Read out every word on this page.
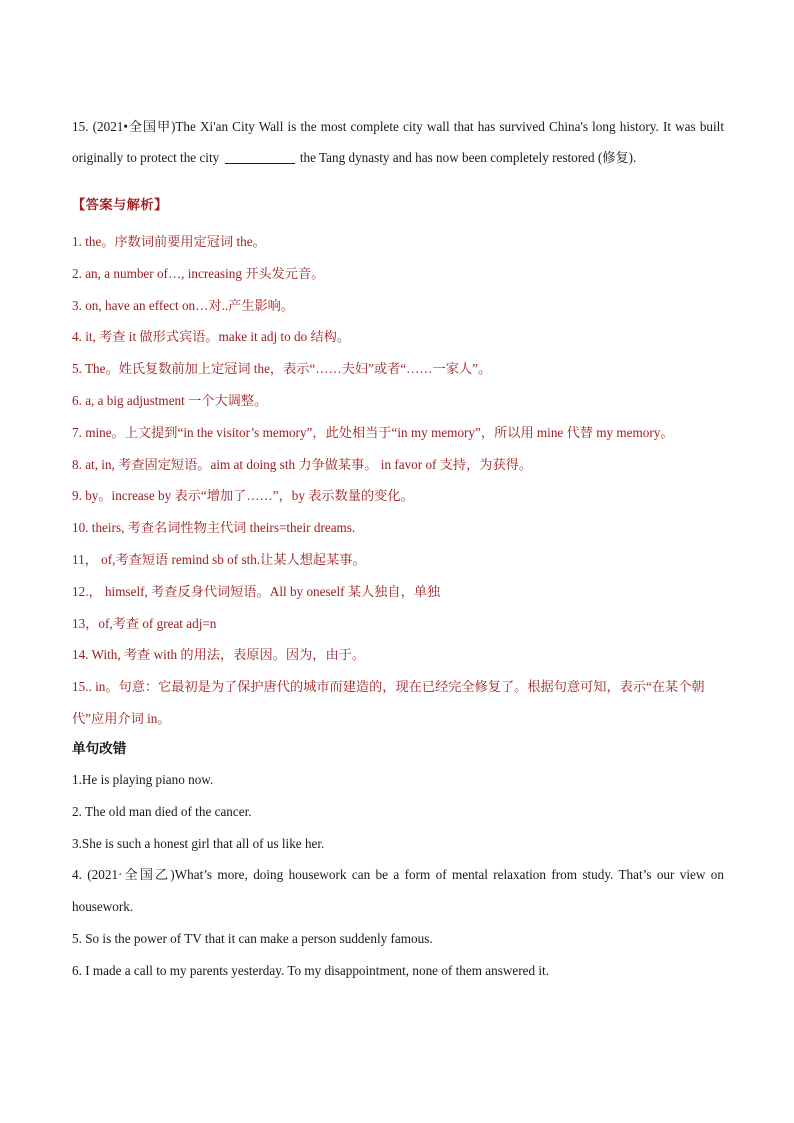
15. (2021•全国甲)The Xi'an City Wall is the most complete city wall that has survived China's long history. It was built originally to protect the city	the Tang dynasty and has now been completely restored (修复).

【答案与解析】
1. the。序数词前要用定冠词 the。
2. an, a number of…, increasing 开头发元音。
3. on, have an effect on…对..产生影响。
4. it, 考查 it 做形式宾语。make it adj to do 结构。
5. The。姓氏复数前加上定冠词 the，表示“……夫妇”或者“……一家人”。
6. a, a big adjustment 一个大调整。
7. mine。上文提到“in the visitor’s memory”，此处相当于“in my memory”，所以用 mine 代替 my memory。
8. at, in, 考查固定短语。aim at doing sth 力争做某事。 in favor of 支持，为获得。
9. by。increase by 表示“增加了……”，by 表示数量的变化。
10. theirs, 考查名词性物主代词 theirs=their dreams.
11， of,考查短语 remind sb of sth.让某人想起某事。
12.， himself, 考查反身代词短语。All by oneself 某人独自，单独
13，of,考查 of great adj=n
14. With, 考查 with 的用法，表原因。因为，由于。
15.. in。句意：它最初是为了保护唐代的城市而建造的，现在已经完全修复了。根据句意可知，表示“在某个朝代”应用介词 in。
单句改错
1.He is playing piano now.
2. The old man died of the cancer.
3.She is such a honest girl that all of us like her.
4. (2021·全国乙)What’s more, doing housework can be a form of mental relaxation from study. That’s our view on housework.
5. So is the power of TV that it can make a person suddenly famous.
6. I made a call to my parents yesterday. To my disappointment, none of them answered it.
